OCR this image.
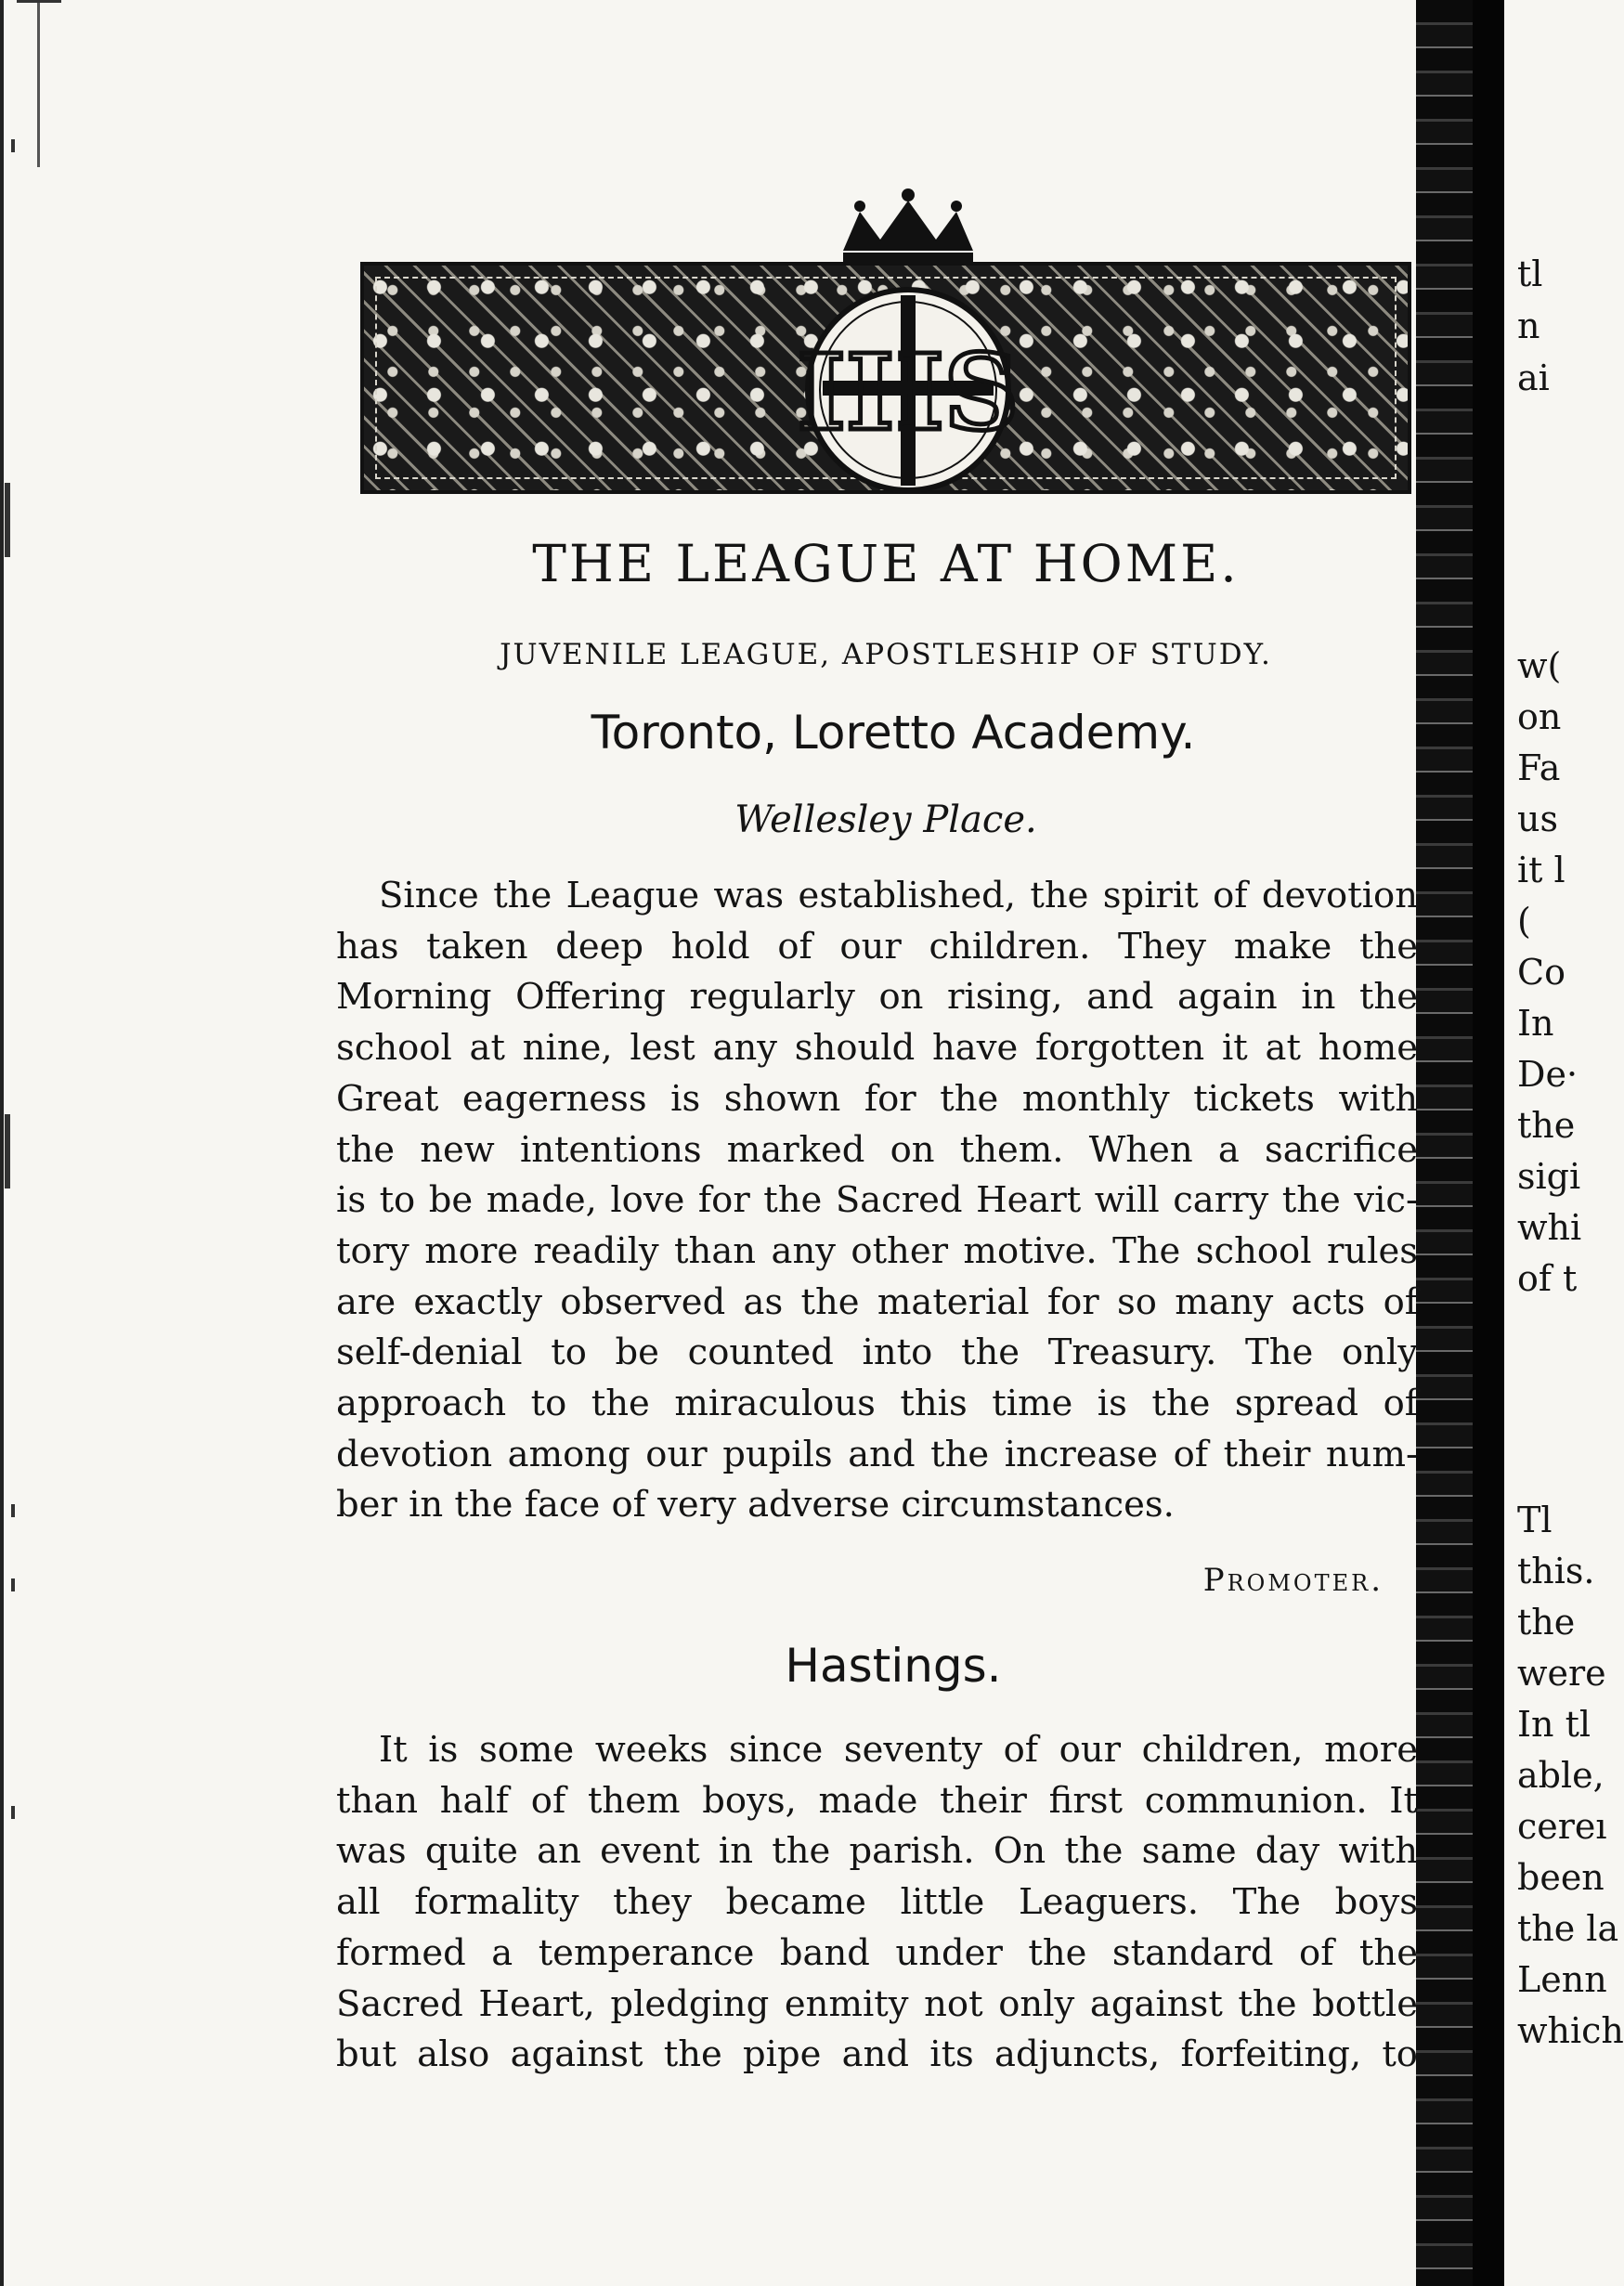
IHS
tl
n
ai
w(
on
Fa
us
it l
(
Co
In
De·
the
sigi
whi
of t
Tl
this.
the
were
In tl
able,
cereı
been
the la
Lenn
which
THE LEAGUE AT HOME.
JUVENILE LEAGUE, APOSTLESHIP OF STUDY.
Toronto, Loretto Academy.
Wellesley Place.

Since the League was established, the spirit of devotion

has taken deep hold of our children. They make the

Morning Offering regularly on rising, and again in the

school at nine, lest any should have forgotten it at home

Great eagerness is shown for the monthly tickets with

the new intentions marked on them. When a sacrifice

is to be made, love for the Sacred Heart will carry the vic-

tory more readily than any other motive. The school rules

are exactly observed as the material for so many acts of

self-denial to be counted into the Treasury. The only

approach to the miraculous this time is the spread of

devotion among our pupils and the increase of their num-

ber in the face of very adverse circumstances.

Promoter.
Hastings.

It is some weeks since seventy of our children, more

than half of them boys, made their first communion. It

was quite an event in the parish. On the same day with

all formality they became little Leaguers. The boys

formed a temperance band under the standard of the

Sacred Heart, pledging enmity not only against the bottle

but also against the pipe and its adjuncts, forfeiting, to
